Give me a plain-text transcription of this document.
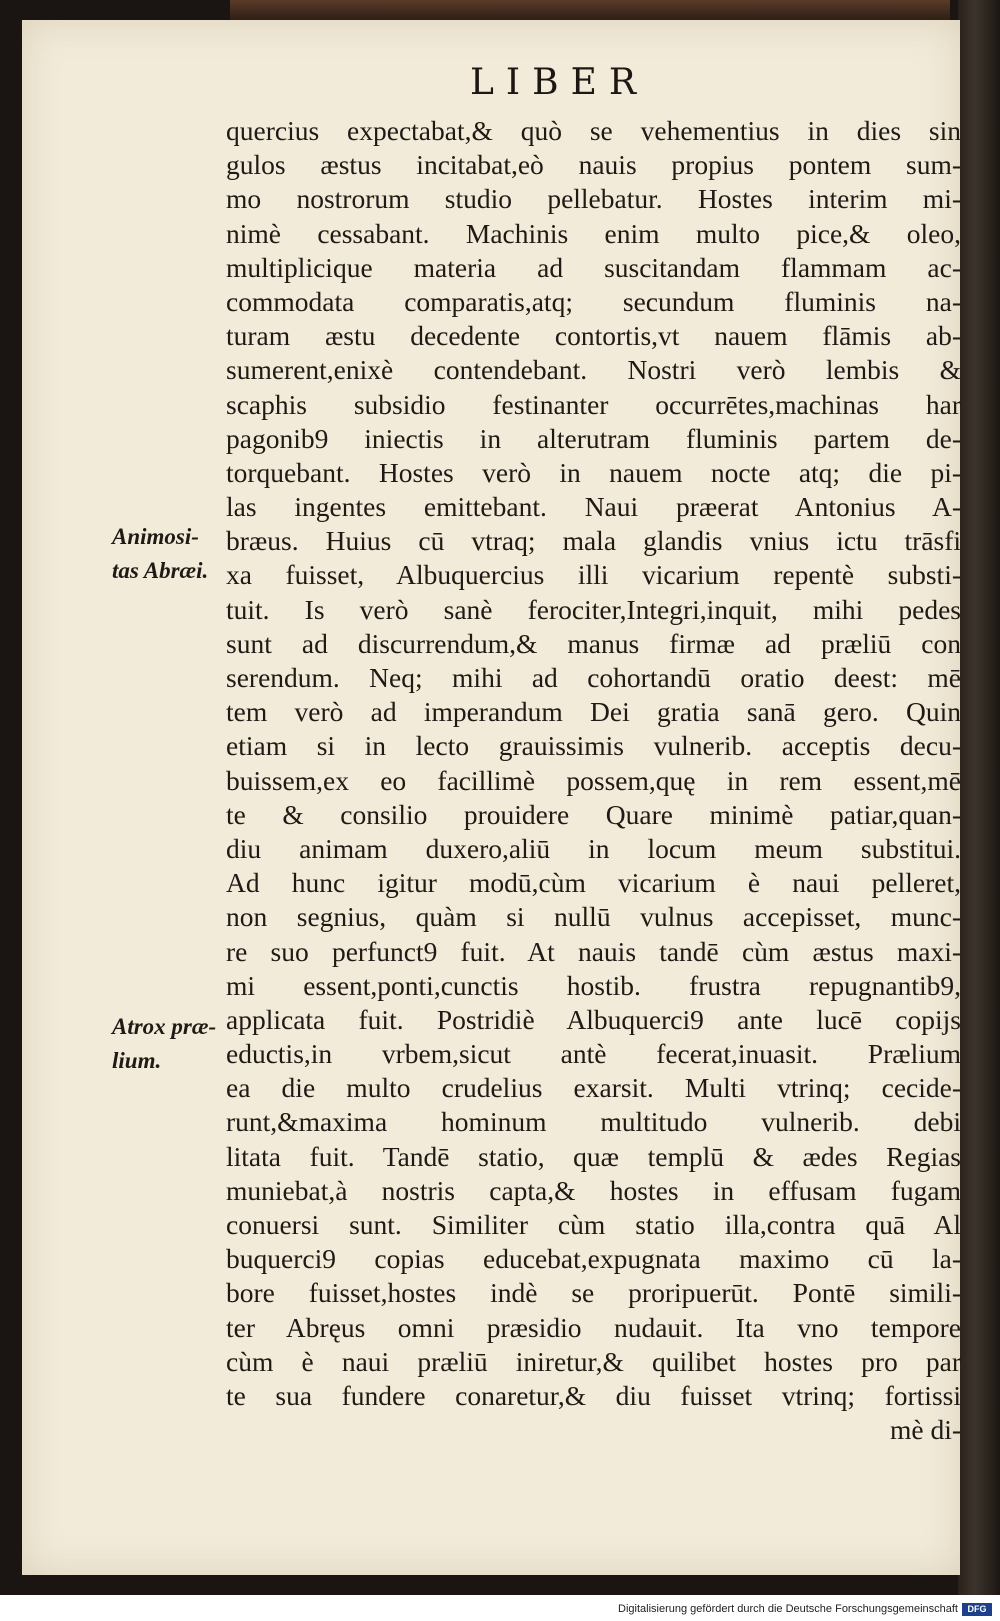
LIBER
Animosi-
tas Abræi.
Atrox præ-
lium.
quercius expectabat,& quò se vehementius in dies sin
gulos æstus incitabat,eò nauis propius pontem sum-
mo nostrorum studio pellebatur. Hostes interim mi-
nimè cessabant. Machinis enim multo pice,& oleo,
multiplicique materia ad suscitandam flammam ac-
commodata comparatis,atq; secundum fluminis na-
turam æstu decedente contortis,vt nauem flāmis ab-
sumerent,enixè contendebant. Nostri verò lembis &
scaphis subsidio festinanter occurrētes,machinas har
pagonib9 iniectis in alterutram fluminis partem de-
torquebant. Hostes verò in nauem nocte atq; die pi-
las ingentes emittebant. Naui præerat Antonius A-
bræus. Huius cū vtraq; mala glandis vnius ictu trāsfi
xa fuisset, Albuquercius illi vicarium repentè substi-
tuit. Is verò sanè ferociter,Integri,inquit, mihi pedes
sunt ad discurrendum,& manus firmæ ad præliū con
serendum. Neq; mihi ad cohortandū oratio deest: mē
tem verò ad imperandum Dei gratia sanā gero. Quin
etiam si in lecto grauissimis vulnerib. acceptis decu-
buissem,ex eo facillimè possem,quę in rem essent,mē
te & consilio prouidere Quare minimè patiar,quan-
diu animam duxero,aliū in locum meum substitui.
Ad hunc igitur modū,cùm vicarium è naui pelleret,
non segnius, quàm si nullū vulnus accepisset, munc-
re suo perfunct9 fuit. At nauis tandē cùm æstus maxi-
mi essent,ponti,cunctis hostib. frustra repugnantib9,
applicata fuit. Postridiè Albuquerci9 ante lucē copijs
eductis,in vrbem,sicut antè fecerat,inuasit. Prælium
ea die multo crudelius exarsit. Multi vtrinq; cecide-
runt,&maxima hominum multitudo vulnerib. debi
litata fuit. Tandē statio, quæ templū & ædes Regias
muniebat,à nostris capta,& hostes in effusam fugam
conuersi sunt. Similiter cùm statio illa,contra quā Al
buquerci9 copias educebat,expugnata maximo cū la-
bore fuisset,hostes indè se proripuerūt. Pontē simili-
ter Abręus omni præsidio nudauit. Ita vno tempore
cùm è naui præliū iniretur,& quilibet hostes pro par
te sua fundere conaretur,& diu fuisset vtrinq; fortissi
mè di-
Digitalisierung gefördert durch die Deutsche Forschungsgemeinschaft	DFG
